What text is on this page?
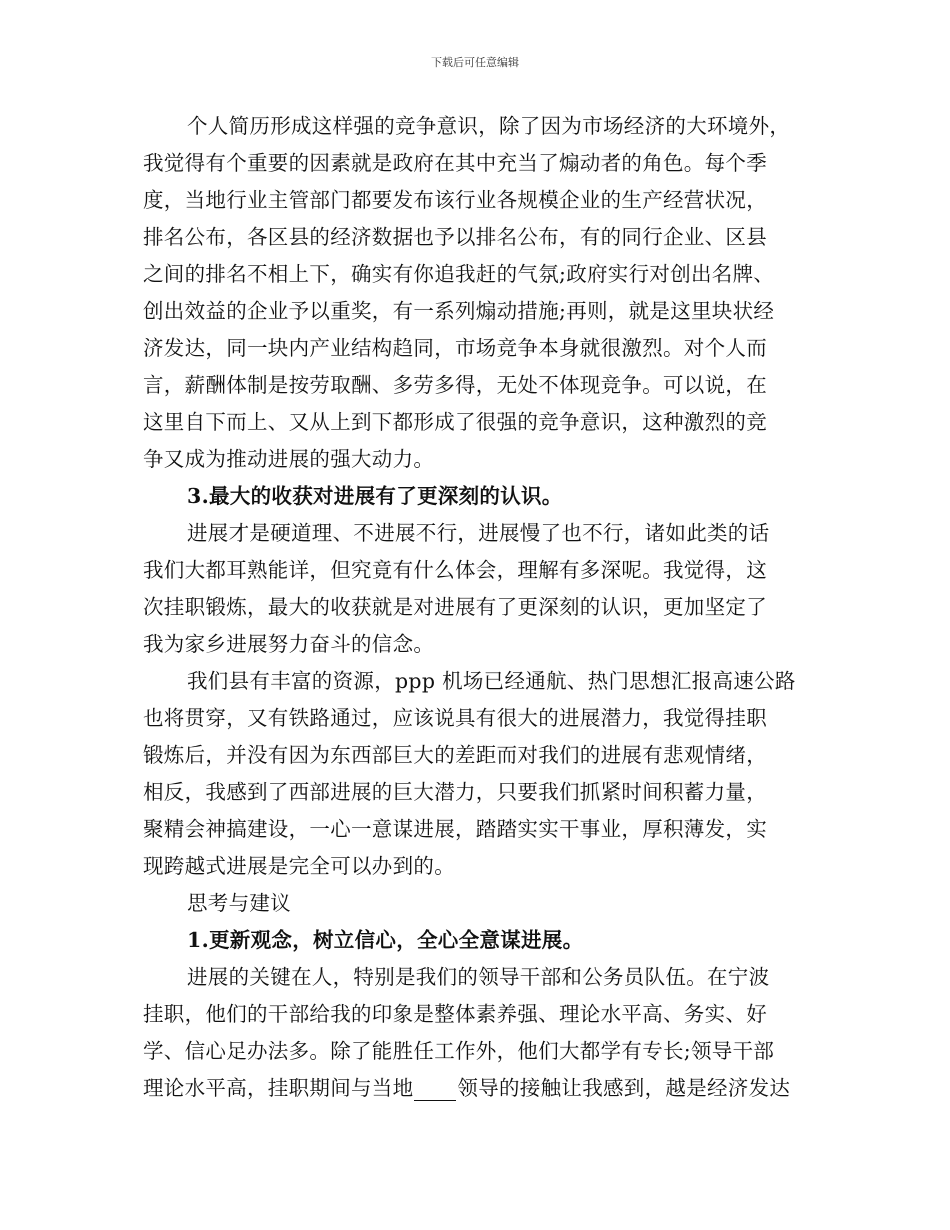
下载后可任意编辑
个人简历形成这样强的竞争意识，除了因为市场经济的大环境外，
我觉得有个重要的因素就是政府在其中充当了煽动者的角色。每个季
度，当地行业主管部门都要发布该行业各规模企业的生产经营状况，
排名公布，各区县的经济数据也予以排名公布，有的同行企业、区县
之间的排名不相上下，确实有你追我赶的气氛;政府实行对创出名牌、
创出效益的企业予以重奖，有一系列煽动措施;再则，就是这里块状经
济发达，同一块内产业结构趋同，市场竞争本身就很激烈。对个人而
言，薪酬体制是按劳取酬、多劳多得，无处不体现竞争。可以说，在
这里自下而上、又从上到下都形成了很强的竞争意识，这种激烈的竞
争又成为推动进展的强大动力。
3.最大的收获对进展有了更深刻的认识。
进展才是硬道理、不进展不行，进展慢了也不行，诸如此类的话
我们大都耳熟能详，但究竟有什么体会，理解有多深呢。我觉得，这
次挂职锻炼，最大的收获就是对进展有了更深刻的认识，更加坚定了
我为家乡进展努力奋斗的信念。
我们县有丰富的资源，ppp 机场已经通航、热门思想汇报高速公路
也将贯穿，又有铁路通过，应该说具有很大的进展潜力，我觉得挂职
锻炼后，并没有因为东西部巨大的差距而对我们的进展有悲观情绪，
相反，我感到了西部进展的巨大潜力，只要我们抓紧时间积蓄力量，
聚精会神搞建设，一心一意谋进展，踏踏实实干事业，厚积薄发，实
现跨越式进展是完全可以办到的。
思考与建议
1.更新观念，树立信心，全心全意谋进展。
进展的关键在人，特别是我们的领导干部和公务员队伍。在宁波
挂职，他们的干部给我的印象是整体素养强、理论水平高、务实、好
学、信心足办法多。除了能胜任工作外，他们大都学有专长;领导干部
理论水平高，挂职期间与当地 领导的接触让我感到，越是经济发达
